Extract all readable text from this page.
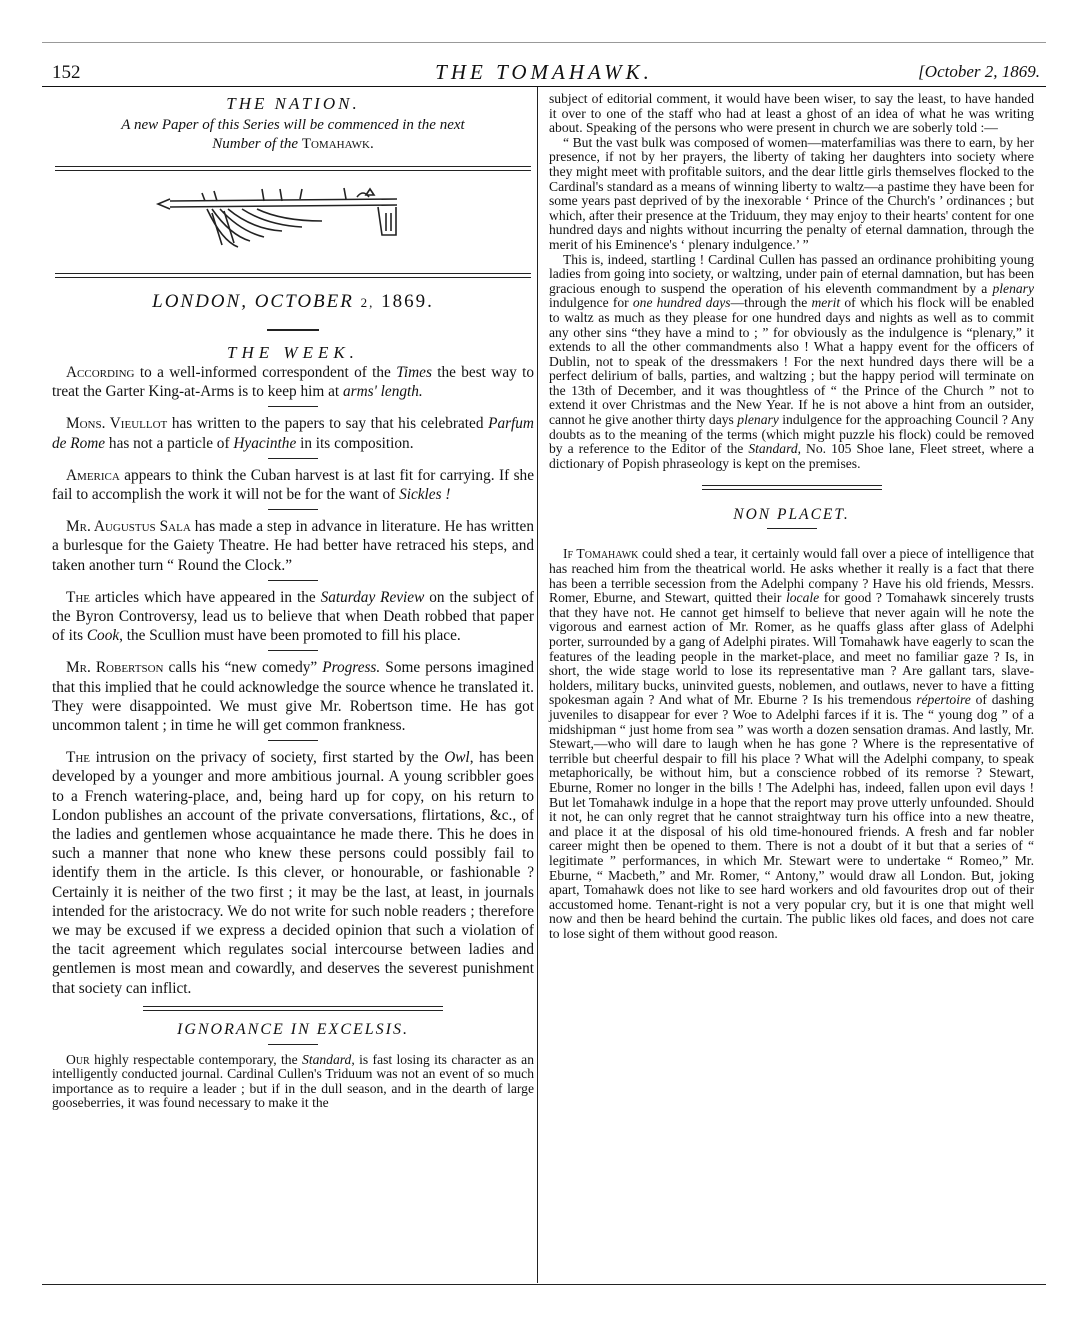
152	THE TOMAHAWK.	[October 2, 1869.
THE NATION.
A new Paper of this Series will be commenced in the next
Number of the Tomahawk.
LONDON, OCTOBER 2, 1869.
THE WEEK.

According to a well-informed correspondent of the Times the best way to treat the Garter King-at-Arms is to keep him at arms' length.

Mons. Vieullot has written to the papers to say that his celebrated Parfum de Rome has not a particle of Hyacinthe in its composition.

America appears to think the Cuban harvest is at last fit for carrying. If she fail to accomplish the work it will not be for the want of Sickles !

Mr. Augustus Sala has made a step in advance in literature. He has written a burlesque for the Gaiety Theatre. He had better have retraced his steps, and taken another turn “ Round the Clock.”

The articles which have appeared in the Saturday Review on the subject of the Byron Controversy, lead us to believe that when Death robbed that paper of its Cook, the Scullion must have been promoted to fill his place.

Mr. Robertson calls his “new comedy” Progress. Some persons imagined that this implied that he could acknowledge the source whence he translated it. They were disappointed. We must give Mr. Robertson time. He has got uncommon talent ; in time he will get common frankness.

The intrusion on the privacy of society, first started by the Owl, has been developed by a younger and more ambitious journal. A young scribbler goes to a French watering-place, and, being hard up for copy, on his return to London publishes an account of the private conversations, flirtations, &c., of the ladies and gentlemen whose acquaintance he made there. This he does in such a manner that none who knew these persons could possibly fail to identify them in the article. Is this clever, or honourable, or fashionable ? Certainly it is neither of the two first ; it may be the last, at least, in journals intended for the aristocracy. We do not write for such noble readers ; therefore we may be excused if we express a decided opinion that such a violation of the tacit agreement which regulates social intercourse between ladies and gentlemen is most mean and cowardly, and deserves the severest punishment that society can inflict.

IGNORANCE IN EXCELSIS.

Our highly respectable contemporary, the Standard, is fast losing its character as an intelligently conducted journal. Cardinal Cullen's Triduum was not an event of so much importance as to require a leader ; but if in the dull season, and in the dearth of large gooseberries, it was found necessary to make it the

subject of editorial comment, it would have been wiser, to say the least, to have handed it over to one of the staff who had at least a ghost of an idea of what he was writing about. Speaking of the persons who were present in church we are soberly told :—

“ But the vast bulk was composed of women—materfamilias was there to earn, by her presence, if not by her prayers, the liberty of taking her daughters into society where they might meet with profitable suitors, and the dear little girls themselves flocked to the Cardinal's standard as a means of winning liberty to waltz—a pastime they have been for some years past deprived of by the inexorable ‘ Prince of the Church's ’ ordinances ; but which, after their presence at the Triduum, they may enjoy to their hearts' content for one hundred days and nights without incurring the penalty of eternal damnation, through the merit of his Eminence's ‘ plenary indulgence.’ ”

This is, indeed, startling ! Cardinal Cullen has passed an ordinance prohibiting young ladies from going into society, or waltzing, under pain of eternal damnation, but has been gracious enough to suspend the operation of his eleventh commandment by a plenary indulgence for one hundred days—through the merit of which his flock will be enabled to waltz as much as they please for one hundred days and nights as well as to commit any other sins “they have a mind to ; ” for obviously as the indulgence is “plenary,” it extends to all the other commandments also ! What a happy event for the officers of Dublin, not to speak of the dressmakers ! For the next hundred days there will be a perfect delirium of balls, parties, and waltzing ; but the happy period will terminate on the 13th of December, and it was thoughtless of “ the Prince of the Church ” not to extend it over Christmas and the New Year. If he is not above a hint from an outsider, cannot he give another thirty days plenary indulgence for the approaching Council ? Any doubts as to the meaning of the terms (which might puzzle his flock) could be removed by a reference to the Editor of the Standard, No. 105 Shoe lane, Fleet street, where a dictionary of Popish phraseology is kept on the premises.

NON PLACET.

If Tomahawk could shed a tear, it certainly would fall over a piece of intelligence that has reached him from the theatrical world. He asks whether it really is a fact that there has been a terrible secession from the Adelphi company ? Have his old friends, Messrs. Romer, Eburne, and Stewart, quitted their locale for good ? Tomahawk sincerely trusts that they have not. He cannot get himself to believe that never again will he note the vigorous and earnest action of Mr. Romer, as he quaffs glass after glass of Adelphi porter, surrounded by a gang of Adelphi pirates. Will Tomahawk have eagerly to scan the features of the leading people in the market-place, and meet no familiar gaze ? Is, in short, the wide stage world to lose its representative man ? Are gallant tars, slave-holders, military bucks, uninvited guests, noblemen, and outlaws, never to have a fitting spokesman again ? And what of Mr. Eburne ? Is his tremendous répertoire of dashing juveniles to disappear for ever ? Woe to Adelphi farces if it is. The “ young dog ” of a midshipman “ just home from sea ” was worth a dozen sensation dramas. And lastly, Mr. Stewart,—who will dare to laugh when he has gone ? Where is the representative of terrible but cheerful despair to fill his place ? What will the Adelphi company, to speak metaphorically, be without him, but a conscience robbed of its remorse ? Stewart, Eburne, Romer no longer in the bills ! The Adelphi has, indeed, fallen upon evil days ! But let Tomahawk indulge in a hope that the report may prove utterly unfounded. Should it not, he can only regret that he cannot straightway turn his office into a new theatre, and place it at the disposal of his old time-honoured friends. A fresh and far nobler career might then be opened to them. There is not a doubt of it but that a series of “ legitimate ” performances, in which Mr. Stewart were to undertake “ Romeo,” Mr. Eburne, “ Macbeth,” and Mr. Romer, “ Antony,” would draw all London. But, joking apart, Tomahawk does not like to see hard workers and old favourites drop out of their accustomed home. Tenant-right is not a very popular cry, but it is one that might well now and then be heard behind the curtain. The public likes old faces, and does not care to lose sight of them without good reason.
